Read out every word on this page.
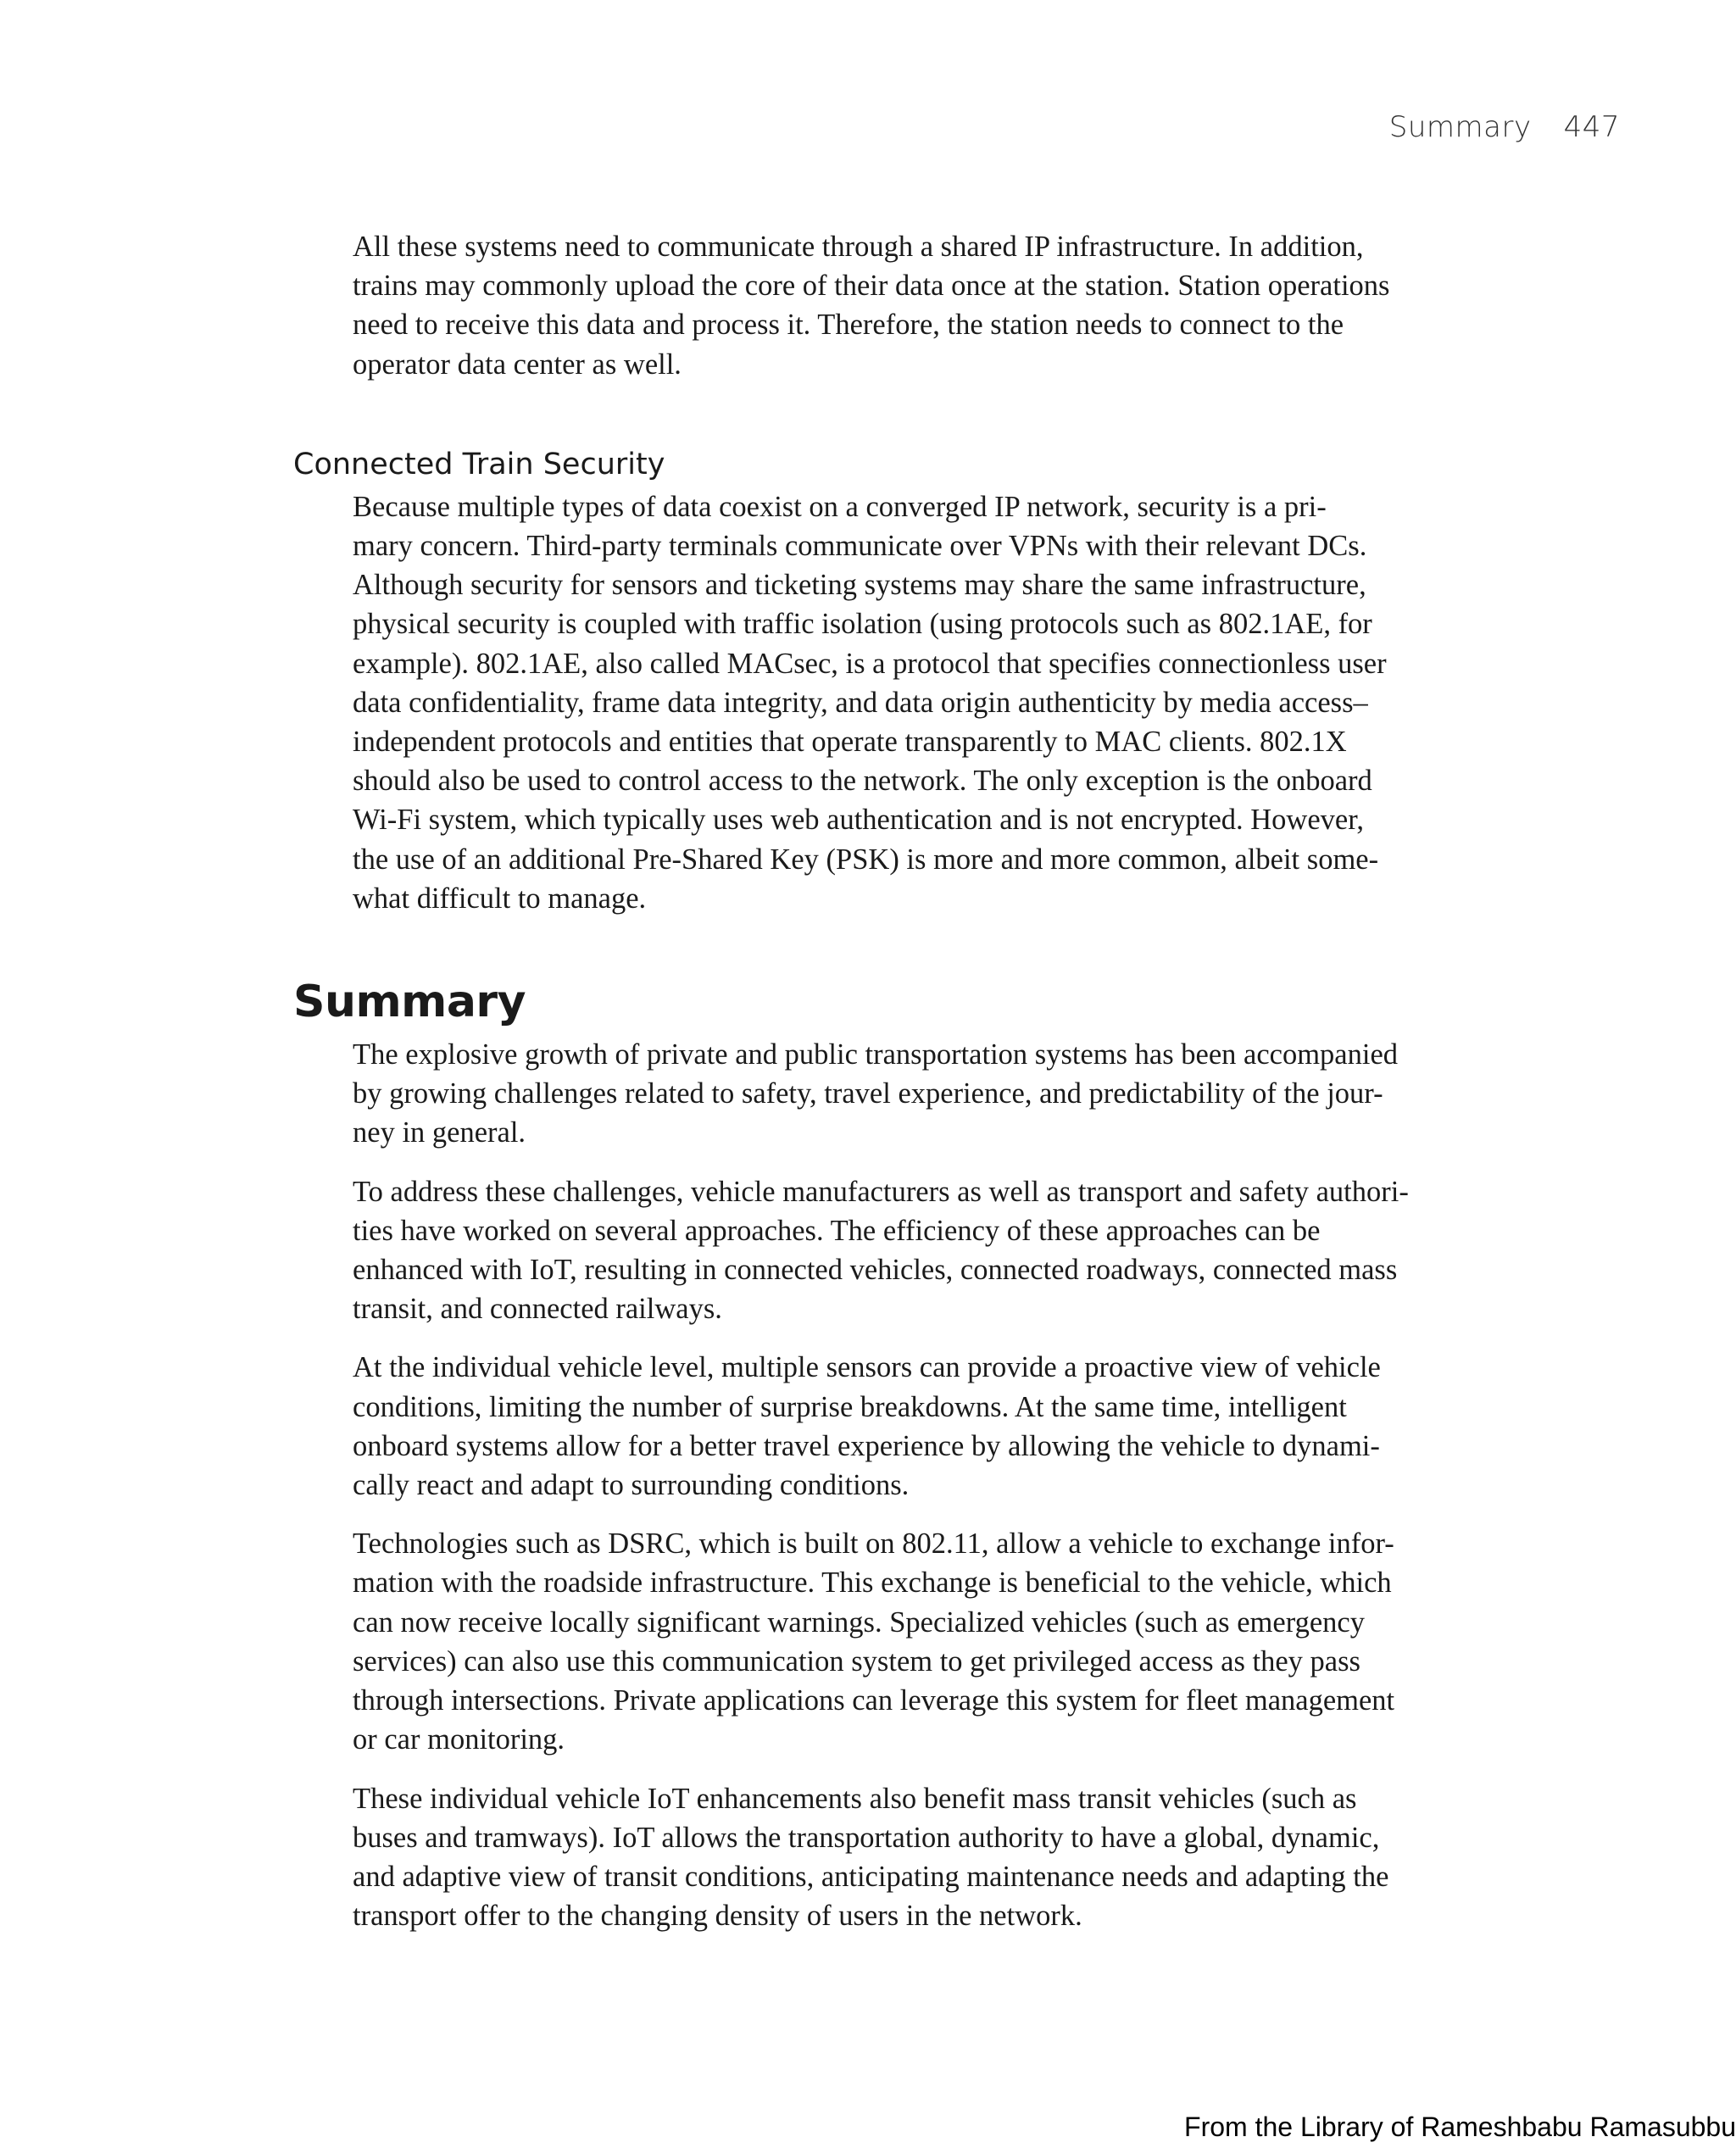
Summary 447

All these systems need to communicate through a shared IP infrastructure. In addition,
trains may commonly upload the core of their data once at the station. Station operations
need to receive this data and process it. Therefore, the station needs to connect to the
operator data center as well.

Connected Train Security

Because multiple types of data coexist on a converged IP network, security is a pri-
mary concern. Third-party terminals communicate over VPNs with their relevant DCs.
Although security for sensors and ticketing systems may share the same infrastructure,
physical security is coupled with traffic isolation (using protocols such as 802.1AE, for
example). 802.1AE, also called MACsec, is a protocol that specifies connectionless user
data confidentiality, frame data integrity, and data origin authenticity by media access–
independent protocols and entities that operate transparently to MAC clients. 802.1X
should also be used to control access to the network. The only exception is the onboard
Wi-Fi system, which typically uses web authentication and is not encrypted. However,
the use of an additional Pre-Shared Key (PSK) is more and more common, albeit some-
what difficult to manage.

Summary

The explosive growth of private and public transportation systems has been accompanied
by growing challenges related to safety, travel experience, and predictability of the jour-
ney in general.

To address these challenges, vehicle manufacturers as well as transport and safety authori-
ties have worked on several approaches. The efficiency of these approaches can be
enhanced with IoT, resulting in connected vehicles, connected roadways, connected mass
transit, and connected railways.

At the individual vehicle level, multiple sensors can provide a proactive view of vehicle
conditions, limiting the number of surprise breakdowns. At the same time, intelligent
onboard systems allow for a better travel experience by allowing the vehicle to dynami-
cally react and adapt to surrounding conditions.

Technologies such as DSRC, which is built on 802.11, allow a vehicle to exchange infor-
mation with the roadside infrastructure. This exchange is beneficial to the vehicle, which
can now receive locally significant warnings. Specialized vehicles (such as emergency
services) can also use this communication system to get privileged access as they pass
through intersections. Private applications can leverage this system for fleet management
or car monitoring.

These individual vehicle IoT enhancements also benefit mass transit vehicles (such as
buses and tramways). IoT allows the transportation authority to have a global, dynamic,
and adaptive view of transit conditions, anticipating maintenance needs and adapting the
transport offer to the changing density of users in the network.

From the Library of Rameshbabu Ramasubbu
